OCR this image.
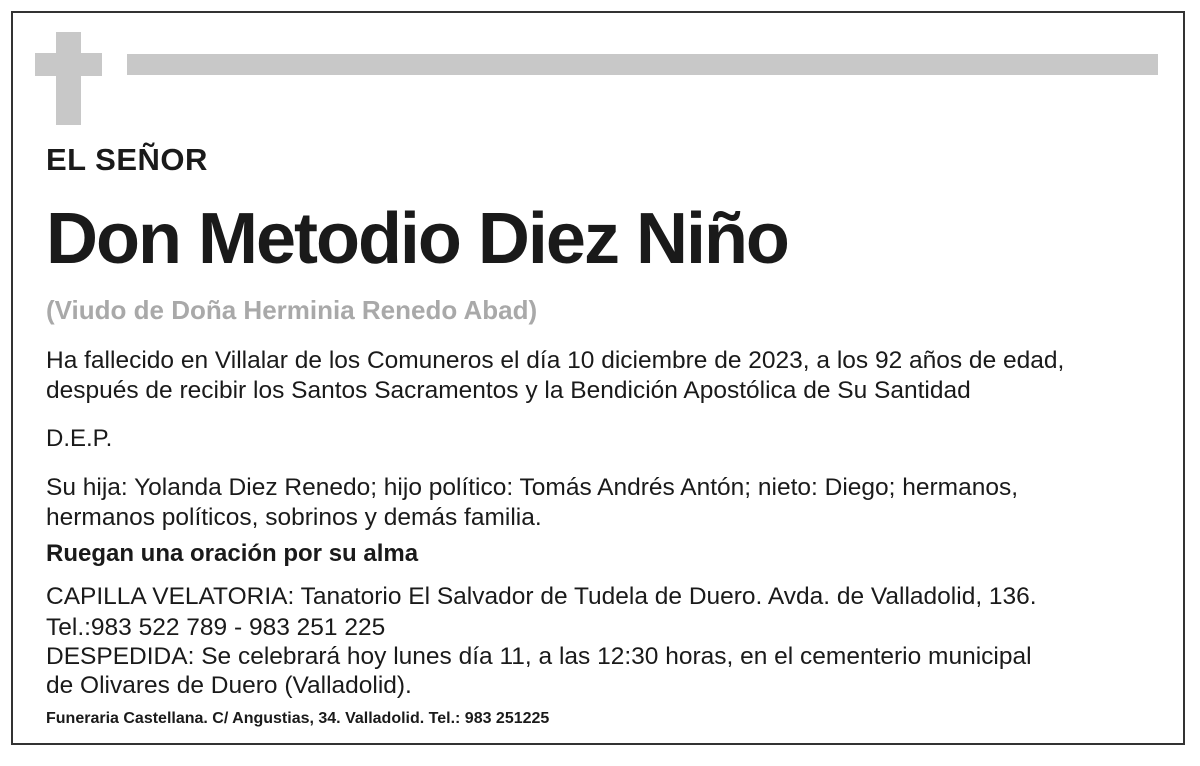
EL SEÑOR
Don Metodio Diez Niño
(Viudo de Doña Herminia Renedo Abad)
Ha fallecido en Villalar de los Comuneros el día 10 diciembre de 2023, a los 92 años de edad,
después de recibir los Santos Sacramentos y la Bendición Apostólica de Su Santidad
D.E.P.
Su hija: Yolanda Diez Renedo; hijo político: Tomás Andrés Antón; nieto: Diego; hermanos,
hermanos políticos, sobrinos y demás familia.
Ruegan una oración por su alma
CAPILLA VELATORIA: Tanatorio El Salvador de Tudela de Duero. Avda. de Valladolid, 136.
Tel.:983 522 789 - 983 251 225
DESPEDIDA: Se celebrará hoy lunes día 11, a las 12:30 horas, en el cementerio municipal
de Olivares de Duero (Valladolid).
Funeraria Castellana. C/ Angustias, 34. Valladolid. Tel.: 983 251225
